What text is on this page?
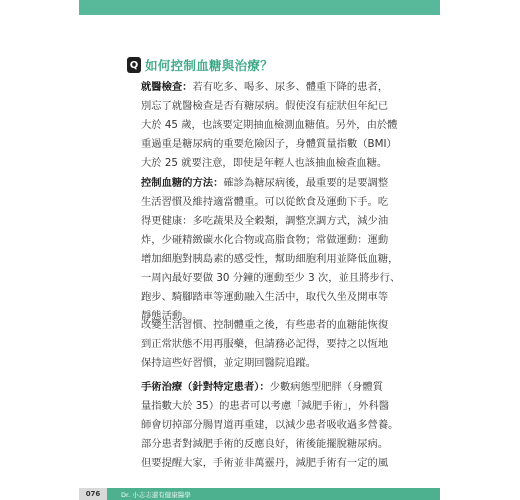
Q 如何控制血糖與治療？
就醫檢查：若有吃多、喝多、尿多、體重下降的患者，
別忘了就醫檢查是否有糖尿病。假使沒有症狀但年紀已
大於 45 歲，也該要定期抽血檢測血糖值。另外，由於體
重過重是糖尿病的重要危險因子，身體質量指數（BMI）
大於 25 就要注意，即使是年輕人也該抽血檢查血糖。
控制血糖的方法：確診為糖尿病後，最重要的是要調整
生活習慣及維持適當體重。可以從飲食及運動下手。吃
得更健康：多吃蔬果及全穀類，調整烹調方式，減少油
炸，少碰精緻碳水化合物或高脂食物；常做運動：運動
增加細胞對胰島素的感受性，幫助細胞利用並降低血糖，
一周內最好要做 30 分鐘的運動至少 3 次，並且將步行、
跑步、騎腳踏車等運動融入生活中，取代久坐及開車等
靜態活動。
改變生活習慣、控制體重之後，有些患者的血糖能恢復
到正常狀態不用再服藥，但請務必記得，要持之以恆地
保持這些好習慣，並定期回醫院追蹤。
手術治療（針對特定患者）：少數病態型肥胖（身體質
量指數大於 35）的患者可以考慮「減肥手術」，外科醫
師會切掉部分腸胃道再重建，以減少患者吸收過多營養。
部分患者對減肥手術的反應良好，術後能擺脫糖尿病。
但要提醒大家，手術並非萬靈丹，減肥手術有一定的風
076	Dr. 小志志還有健康醫學
